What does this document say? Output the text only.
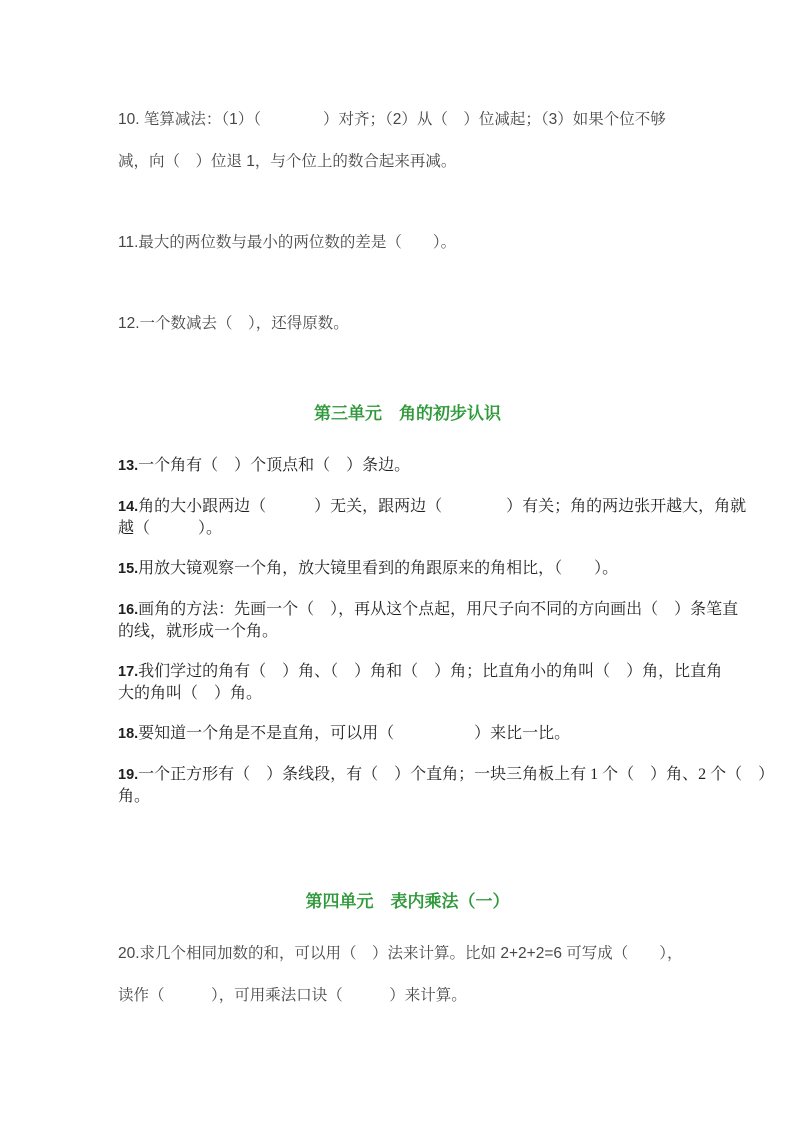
10. 笔算减法：（1）（　　　　）对齐；（2）从（　）位减起；（3）如果个位不够
减，向（　）位退 1，与个位上的数合起来再减。
11.最大的两位数与最小的两位数的差是（　　）。
12.一个数减去（　），还得原数。
第三单元　角的初步认识
13.一个角有（　）个顶点和（　）条边。
14.角的大小跟两边（　　　）无关，跟两边（　　　　）有关；角的两边张开越大，角就
越（　　　）。
15.用放大镜观察一个角，放大镜里看到的角跟原来的角相比，（　　）。
16.画角的方法：先画一个（　），再从这个点起，用尺子向不同的方向画出（　）条笔直
的线，就形成一个角。
17.我们学过的角有（　）角、（　）角和（　）角；比直角小的角叫（　）角，比直角
大的角叫（　）角。
18.要知道一个角是不是直角，可以用（　　　　　）来比一比。
19.一个正方形有（　）条线段，有（　）个直角；一块三角板上有 1 个（　）角、2 个（　）
角。
第四单元　表内乘法（一）
20.求几个相同加数的和，可以用（　）法来计算。比如 2+2+2=6 可写成（　　），
读作（　　　），可用乘法口诀（　　　）来计算。
